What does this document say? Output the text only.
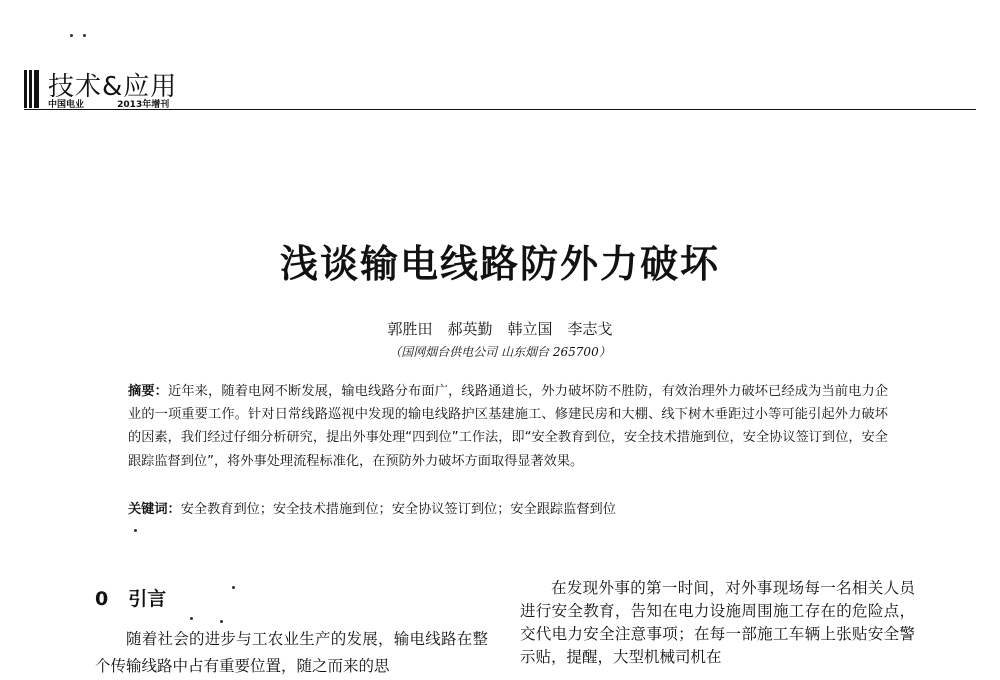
技术&应用
中国电业	2013年增刊
浅谈输电线路防外力破坏
郭胜田　郝英勤　韩立国　李志戈
（国网烟台供电公司 山东烟台 265700）
摘要：近年来，随着电网不断发展，输电线路分布面广，线路通道长，外力破坏防不胜防，有效治理外力破坏已经成为当前电力企业的一项重要工作。针对日常线路巡视中发现的输电线路护区基建施工、修建民房和大棚、线下树木垂距过小等可能引起外力破坏的因素，我们经过仔细分析研究，提出外事处理“四到位”工作法，即“安全教育到位，安全技术措施到位，安全协议签订到位，安全跟踪监督到位”，将外事处理流程标准化，在预防外力破坏方面取得显著效果。
关键词：安全教育到位；安全技术措施到位；安全协议签订到位；安全跟踪监督到位
0 引言
随着社会的进步与工农业生产的发展，输电线路在整个传输线路中占有重要位置，随之而来的思
在发现外事的第一时间，对外事现场每一名相关人员进行安全教育，告知在电力设施周围施工存在的危险点，交代电力安全注意事项；在每一部施工车辆上张贴安全警示贴，提醒，大型机械司机在
